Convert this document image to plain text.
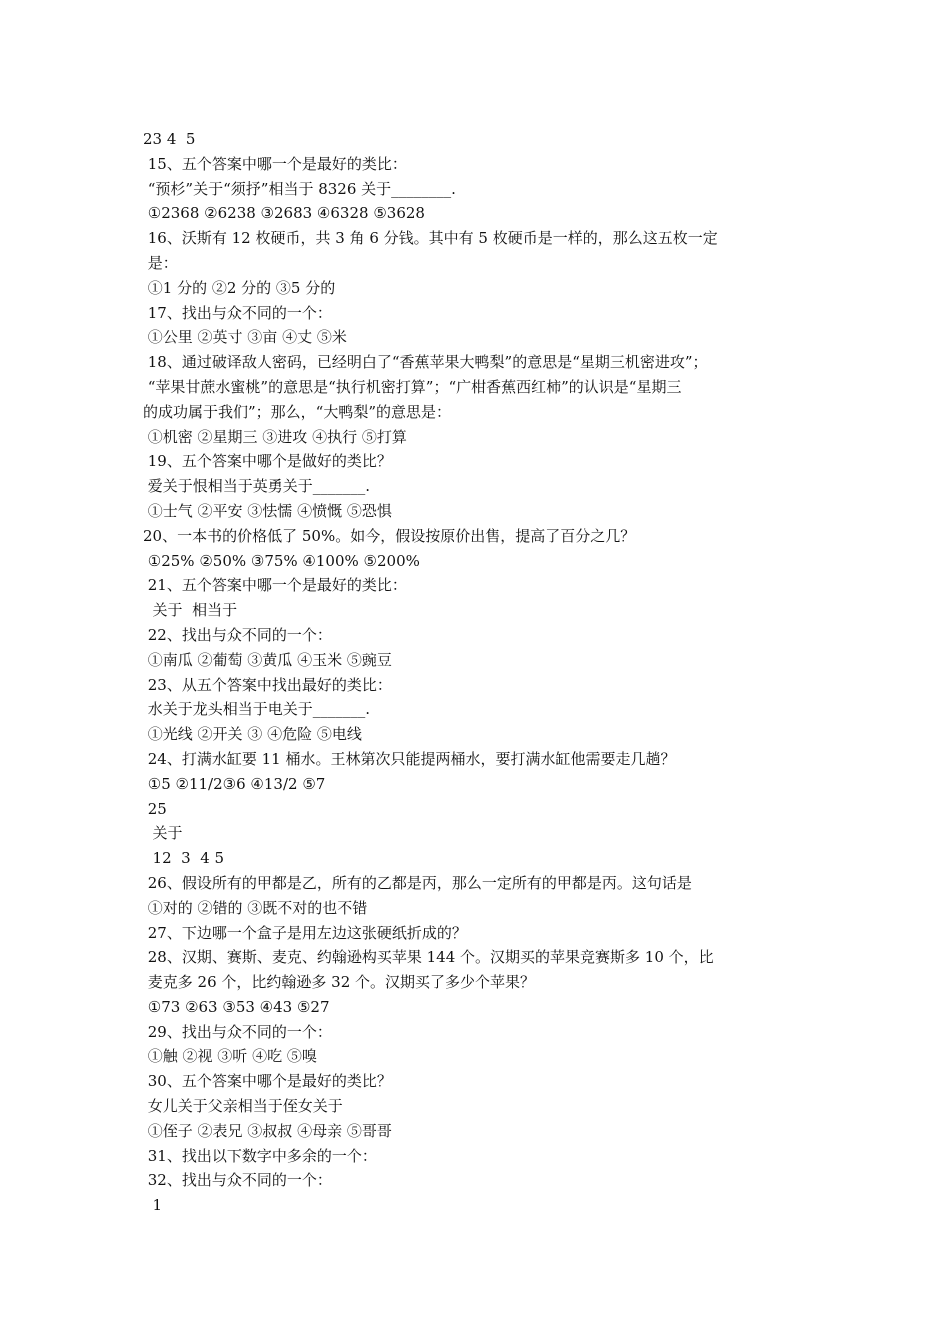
23 4  5
15、五个答案中哪一个是最好的类比：
“预杉”关于“须抒”相当于 8326 关于________.
①2368 ②6238 ③2683 ④6328 ⑤3628
16、沃斯有 12 枚硬币，共 3 角 6 分钱。其中有 5 枚硬币是一样的，那么这五枚一定
是：
①1 分的 ②2 分的 ③5 分的
17、找出与众不同的一个：
①公里 ②英寸 ③亩 ④丈 ⑤米
18、通过破译敌人密码，已经明白了“香蕉苹果大鸭梨”的意思是“星期三机密进攻”；
“苹果甘蔗水蜜桃”的意思是“执行机密打算”；“广柑香蕉西红柿”的认识是“星期三
的成功属于我们”；那么，“大鸭梨”的意思是：
①机密 ②星期三 ③进攻 ④执行 ⑤打算
19、五个答案中哪个是做好的类比？
爱关于恨相当于英勇关于_______.
①士气 ②平安 ③怯懦 ④愤慨 ⑤恐惧
20、一本书的价格低了 50%。如今，假设按原价出售，提高了百分之几？
①25% ②50% ③75% ④100% ⑤200%
21、五个答案中哪一个是最好的类比：
关于  相当于
22、找出与众不同的一个：
①南瓜 ②葡萄 ③黄瓜 ④玉米 ⑤豌豆
23、从五个答案中找出最好的类比：
水关于龙头相当于电关于_______.
①光线 ②开关 ③ ④危险 ⑤电线
24、打满水缸要 11 桶水。王林第次只能提两桶水，要打满水缸他需要走几趟？
①5 ②11/2③6 ④13/2 ⑤7
25
关于
12  3  4 5
26、假设所有的甲都是乙，所有的乙都是丙，那么一定所有的甲都是丙。这句话是
①对的 ②错的 ③既不对的也不错
27、下边哪一个盒子是用左边这张硬纸折成的？
28、汉期、赛斯、麦克、约翰逊构买苹果 144 个。汉期买的苹果竞赛斯多 10 个，比
麦克多 26 个，比约翰逊多 32 个。汉期买了多少个苹果？
①73 ②63 ③53 ④43 ⑤27
29、找出与众不同的一个：
①触 ②视 ③听 ④吃 ⑤嗅
30、五个答案中哪个是最好的类比？
女儿关于父亲相当于侄女关于
①侄子 ②表兄 ③叔叔 ④母亲 ⑤哥哥
31、找出以下数字中多余的一个：
32、找出与众不同的一个：
1
